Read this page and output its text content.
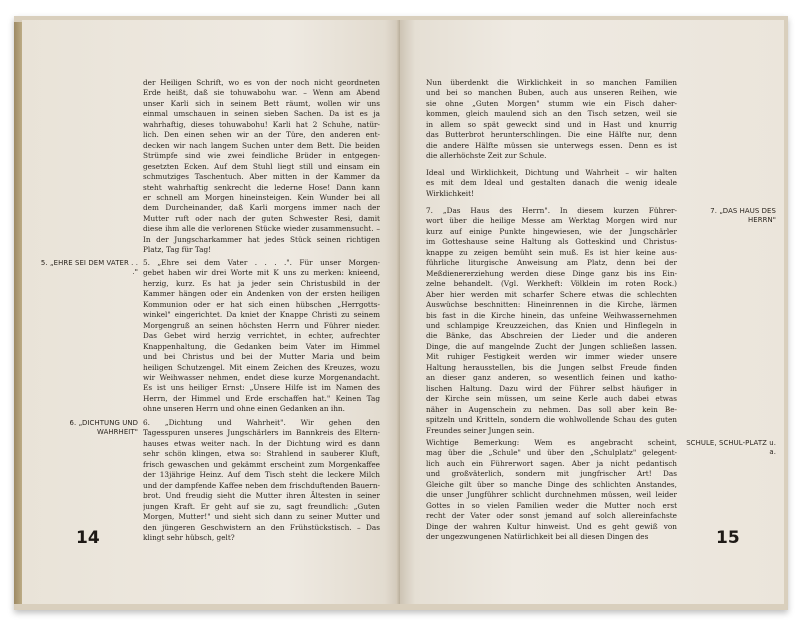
der Heiligen Schrift, wo es von der noch nicht geordneten
Erde heißt, daß sie tohuwabohu war. – Wenn am Abend
unser Karli sich in seinem Bett räumt, wollen wir uns
einmal umschauen in seinen sieben Sachen. Da ist es ja
wahrhaftig, dieses tohuwabohu! Karli hat 2 Schuhe, natür-
lich. Den einen sehen wir an der Türe, den anderen ent-
decken wir nach langem Suchen unter dem Bett. Die beiden
Strümpfe sind wie zwei feindliche Brüder in entgegen-
gesetzten Ecken. Auf dem Stuhl liegt still und einsam ein
schmutziges Taschentuch. Aber mitten in der Kammer da
steht wahrhaftig senkrecht die lederne Hose! Dann kann
er schnell am Morgen hineinsteigen. Kein Wunder bei all
dem Durcheinander, daß Karli morgens immer nach der
Mutter ruft oder nach der guten Schwester Resi, damit
diese ihm alle die verlorenen Stücke wieder zusammensucht. –
In der Jungscharkammer hat jedes Stück seinen richtigen
Platz, Tag für Tag!
5. „Ehre sei dem Vater . . . .". Für unser Morgen-
gebet haben wir drei Worte mit K uns zu merken: knieend,
herzig, kurz. Es hat ja jeder sein Christusbild in der
Kammer hängen oder ein Andenken von der ersten heiligen
Kommunion oder er hat sich einen hübschen „Herrgotts-
winkel" eingerichtet. Da kniet der Knappe Christi zu seinem
Morgengruß an seinen höchsten Herrn und Führer nieder.
Das Gebet wird herzig verrichtet, in echter, aufrechter
Knappenhaltung, die Gedanken beim Vater im Himmel
und bei Christus und bei der Mutter Maria und beim
heiligen Schutzengel. Mit einem Zeichen des Kreuzes, wozu
wir Weihwasser nehmen, endet diese kurze Morgenandacht.
Es ist uns heiliger Ernst: „Unsere Hilfe ist im Namen des
Herrn, der Himmel und Erde erschaffen hat." Keinen Tag
ohne unseren Herrn und ohne einen Gedanken an ihn.
6. „Dichtung und Wahrheit". Wir gehen den
Tagesspuren unseres Jungschärlers im Bannkreis des Eltern-
hauses etwas weiter nach. In der Dichtung wird es dann
sehr schön klingen, etwa so: Strahlend in sauberer Kluft,
frisch gewaschen und gekämmt erscheint zum Morgenkaffee
der 13jährige Heinz. Auf dem Tisch steht die leckere Milch
und der dampfende Kaffee neben dem frischduftenden Bauern-
brot. Und freudig sieht die Mutter ihren Ältesten in seiner
jungen Kraft. Er geht auf sie zu, sagt freundlich: „Guten
Morgen, Mutter!" und sieht sich dann zu seiner Mutter und
den jüngeren Geschwistern an den Frühstückstisch. – Das
klingt sehr hübsch, gelt?
5. „EHRE SEI DEM VATER . . ."
6. „DICHTUNG UND WAHRHEIT"
14
Nun überdenkt die Wirklichkeit in so manchen Familien
und bei so manchen Buben, auch aus unseren Reihen, wie
sie ohne „Guten Morgen" stumm wie ein Fisch daher-
kommen, gleich maulend sich an den Tisch setzen, weil sie
in allem so spät geweckt sind und in Hast und knurrig
das Butterbrot herunterschlingen. Die eine Hälfte nur, denn
die andere Hälfte müssen sie unterwegs essen. Denn es ist
die allerhöchste Zeit zur Schule.
Ideal und Wirklichkeit, Dichtung und Wahrheit – wir halten
es mit dem Ideal und gestalten danach die wenig ideale
Wirklichkeit!
7. „Das Haus des Herrn". In diesem kurzen Führer-
wort über die heilige Messe am Werktag Morgen wird nur
kurz auf einige Punkte hingewiesen, wie der Jungschärler
im Gotteshause seine Haltung als Gotteskind und Christus-
knappe zu zeigen bemüht sein muß. Es ist hier keine aus-
führliche liturgische Anweisung am Platz, denn bei der
Meßdienererziehung werden diese Dinge ganz bis ins Ein-
zelne behandelt. (Vgl. Werkheft: Völklein im roten Rock.)
Aber hier werden mit scharfer Schere etwas die schlechten
Auswüchse beschnitten: Hineinrennen in die Kirche, lärmen
bis fast in die Kirche hinein, das unfeine Weihwassernehmen
und schlampige Kreuzzeichen, das Knien und Hinflegeln in
die Bänke, das Abschreien der Lieder und die anderen
Dinge, die auf mangelnde Zucht der Jungen schließen lassen.
Mit ruhiger Festigkeit werden wir immer wieder unsere
Haltung herausstellen, bis die Jungen selbst Freude finden
an dieser ganz anderen, so wesentlich feinen und katho-
lischen Haltung. Dazu wird der Führer selbst häufiger in
der Kirche sein müssen, um seine Kerle auch dabei etwas
näher in Augenschein zu nehmen. Das soll aber kein Be-
spitzeln und Kritteln, sondern die wohlwollende Schau des guten
Freundes seiner Jungen sein.
Wichtige Bemerkung: Wem es angebracht scheint,
mag über die „Schule" und über den „Schulplatz" gelegent-
lich auch ein Führerwort sagen. Aber ja nicht pedantisch
und großväterlich, sondern mit jungfrischer Art! Das
Gleiche gilt über so manche Dinge des schlichten Anstandes,
die unser Jungführer schlicht durchnehmen müssen, weil leider
Gottes in so vielen Familien weder die Mutter noch erst
recht der Vater oder sonst jemand auf solch allereinfachste
Dinge der wahren Kultur hinweist. Und es geht gewiß von
der ungezwungenen Natürlichkeit bei all diesen Dingen des
7. „DAS HAUS DES HERRN"
SCHULE, SCHUL-PLATZ u. a.
15
